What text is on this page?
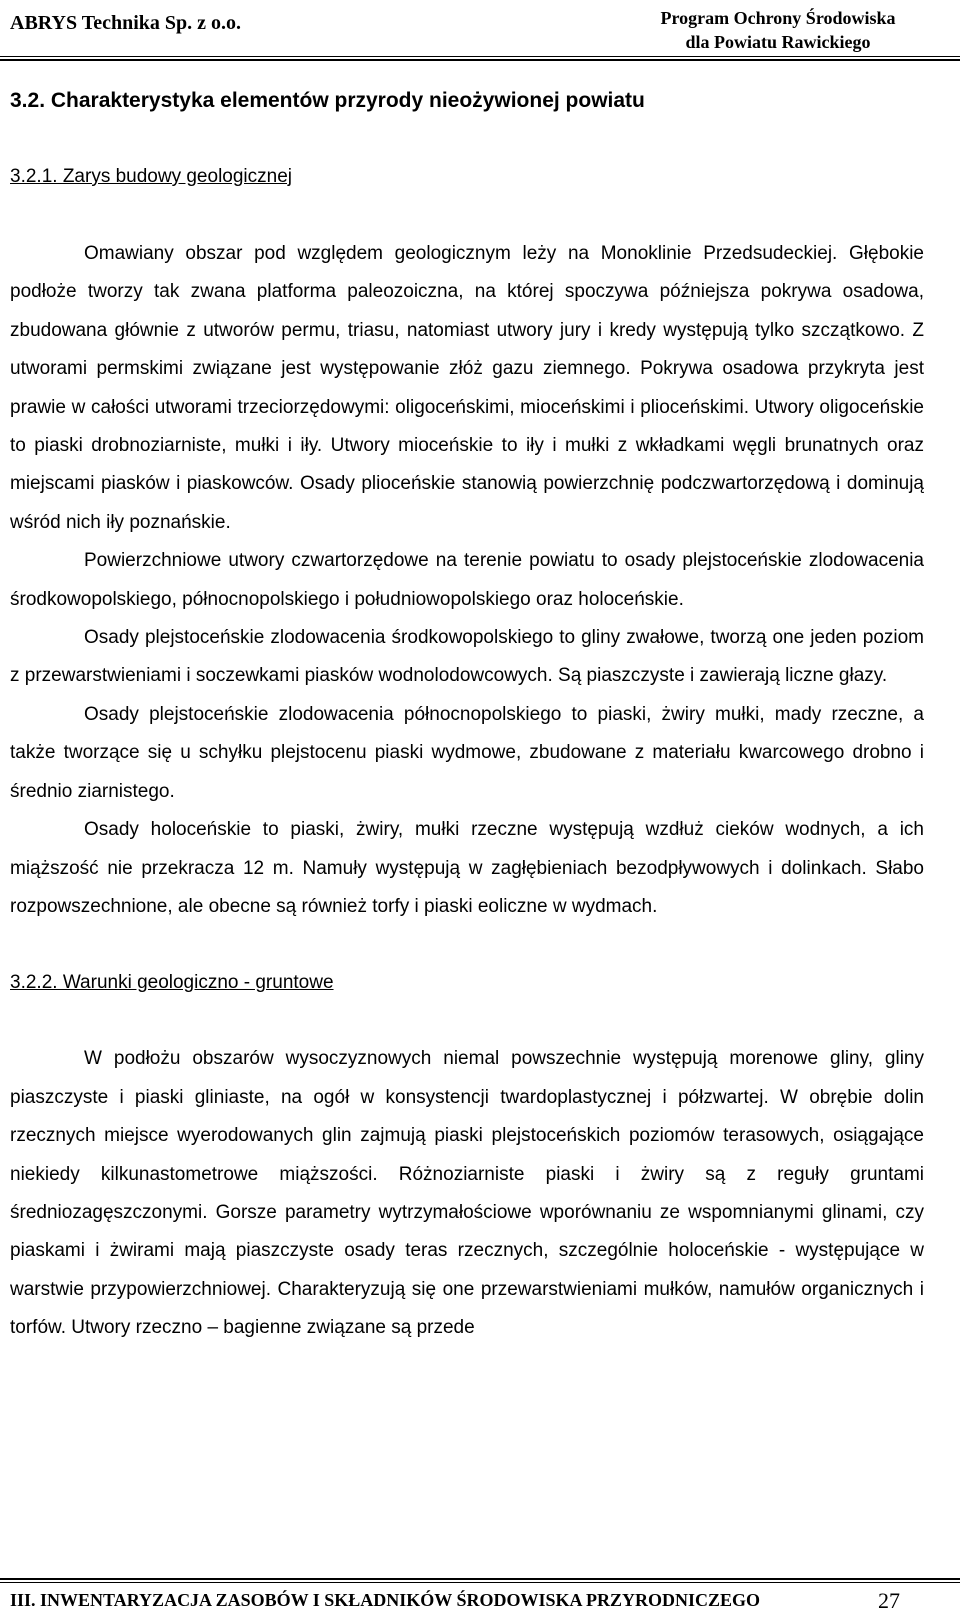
ABRYS Technika Sp. z o.o.	Program Ochrony Środowiska
dla Powiatu Rawickiego
3.2. Charakterystyka elementów przyrody nieożywionej powiatu
3.2.1. Zarys budowy geologicznej

Omawiany obszar pod względem geologicznym leży na Monoklinie Przedsudeckiej. Głębokie podłoże tworzy tak zwana platforma paleozoiczna, na której spoczywa późniejsza pokrywa osadowa, zbudowana głównie z utworów permu, triasu, natomiast utwory jury i kredy występują tylko szczątkowo. Z utworami permskimi związane jest występowanie złóż gazu ziemnego. Pokrywa osadowa przykryta jest prawie w całości utworami trzeciorzędowymi: oligoceńskimi, mioceńskimi i plioceńskimi. Utwory oligoceńskie to piaski drobnoziarniste, mułki i iły. Utwory mioceńskie to iły i mułki z wkładkami węgli brunatnych oraz miejscami piasków i piaskowców. Osady plioceńskie stanowią powierzchnię podczwartorzędową i dominują wśród nich iły poznańskie.

Powierzchniowe utwory czwartorzędowe na terenie powiatu to osady plejstoceńskie zlodowacenia środkowopolskiego, północnopolskiego i południowopolskiego oraz holoceńskie.

Osady plejstoceńskie zlodowacenia środkowopolskiego to gliny zwałowe, tworzą one jeden poziom z przewarstwieniami i soczewkami piasków wodnolodowcowych. Są piaszczyste i zawierają liczne głazy.

Osady plejstoceńskie zlodowacenia północnopolskiego to piaski, żwiry mułki, mady rzeczne, a także tworzące się u schyłku plejstocenu piaski wydmowe, zbudowane z materiału kwarcowego drobno i średnio ziarnistego.

Osady holoceńskie to piaski, żwiry, mułki rzeczne występują wzdłuż cieków wodnych, a ich miąższość nie przekracza 12 m. Namuły występują w zagłębieniach bezodpływowych i dolinkach. Słabo rozpowszechnione, ale obecne są również torfy i piaski eoliczne w wydmach.

3.2.2. Warunki geologiczno - gruntowe

W podłożu obszarów wysoczyznowych niemal powszechnie występują morenowe gliny, gliny piaszczyste i piaski gliniaste, na ogół w konsystencji twardoplastycznej i półzwartej. W obrębie dolin rzecznych miejsce wyerodowanych glin zajmują piaski plejstoceńskich poziomów terasowych, osiągające niekiedy kilkunastometrowe miąższości. Różnoziarniste piaski i żwiry są z reguły gruntami średniozagęszczonymi. Gorsze parametry wytrzymałościowe wporównaniu ze wspomnianymi glinami, czy piaskami i żwirami mają piaszczyste osady teras rzecznych, szczególnie holoceńskie - występujące w warstwie przypowierzchniowej. Charakteryzują się one przewarstwieniami mułków, namułów organicznych i torfów. Utwory rzeczno – bagienne związane są przede

III. INWENTARYZACJA ZASOBÓW I SKŁADNIKÓW ŚRODOWISKA PRZYRODNICZEGO	27
